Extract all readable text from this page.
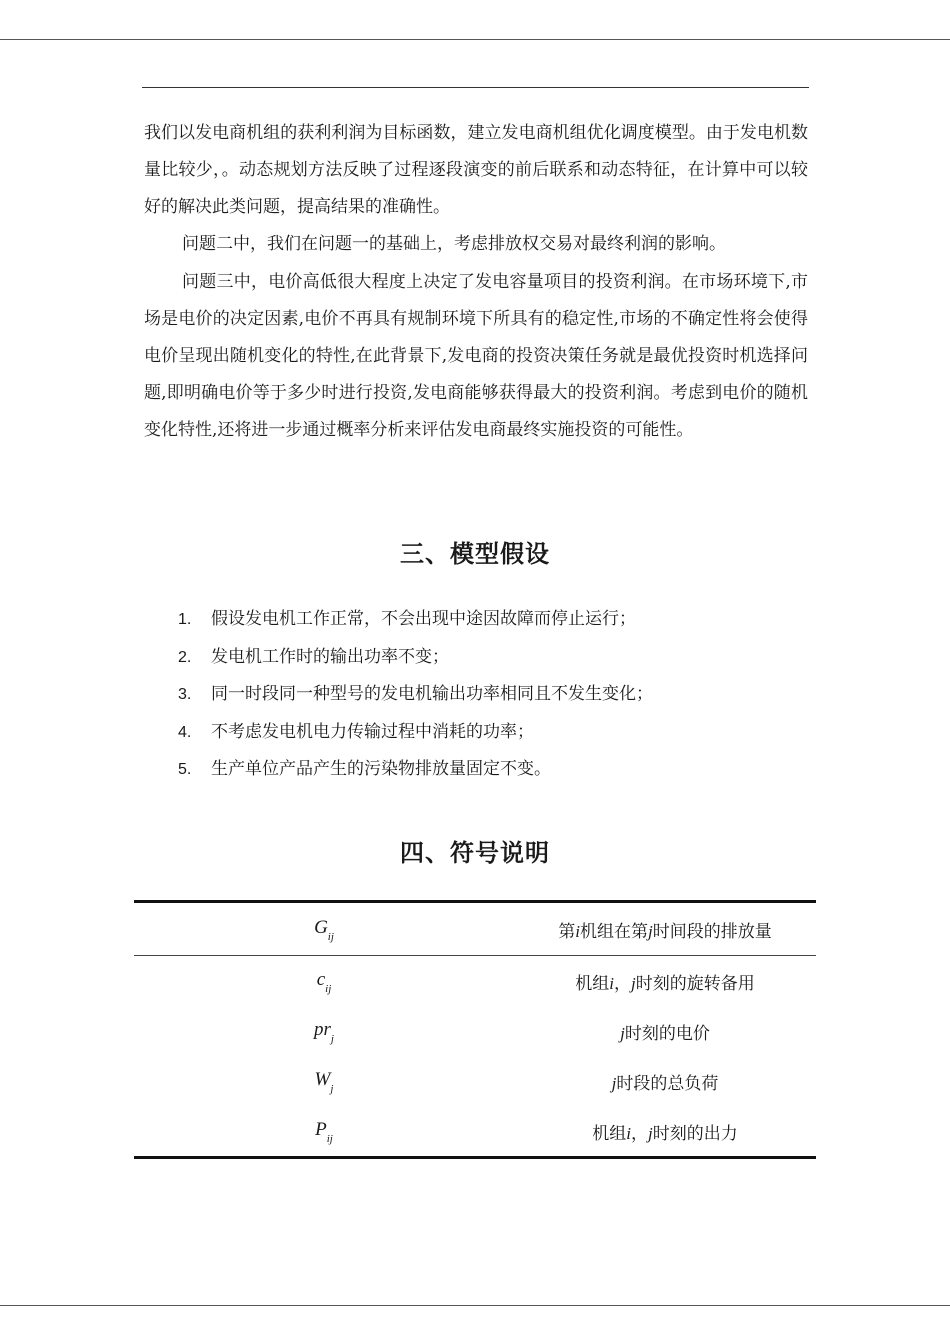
我们以发电商机组的获利利润为目标函数，建立发电商机组优化调度模型。由于发电机数量比较少，。动态规划方法反映了过程逐段演变的前后联系和动态特征，在计算中可以较好的解决此类问题，提高结果的准确性。

问题二中，我们在问题一的基础上，考虑排放权交易对最终利润的影响。

问题三中，电价高低很大程度上决定了发电容量项目的投资利润。在市场环境下,市场是电价的决定因素,电价不再具有规制环境下所具有的稳定性,市场的不确定性将会使得电价呈现出随机变化的特性,在此背景下,发电商的投资决策任务就是最优投资时机选择问题,即明确电价等于多少时进行投资,发电商能够获得最大的投资利润。考虑到电价的随机变化特性,还将进一步通过概率分析来评估发电商最终实施投资的可能性。

三、模型假设
1. 假设发电机工作正常，不会出现中途因故障而停止运行；
2. 发电机工作时的输出功率不变；
3. 同一时段同一种型号的发电机输出功率相同且不发生变化；
4. 不考虑发电机电力传输过程中消耗的功率；
5. 生产单位产品产生的污染物排放量固定不变。
四、符号说明
$G_{ij}$	第i机组在第j时间段的排放量
$c_{ij}$	机组i，j时刻的旋转备用
$pr_j$	j时刻的电价
$W_j$	j时段的总负荷
$P_{ij}$	机组i，j时刻的出力
